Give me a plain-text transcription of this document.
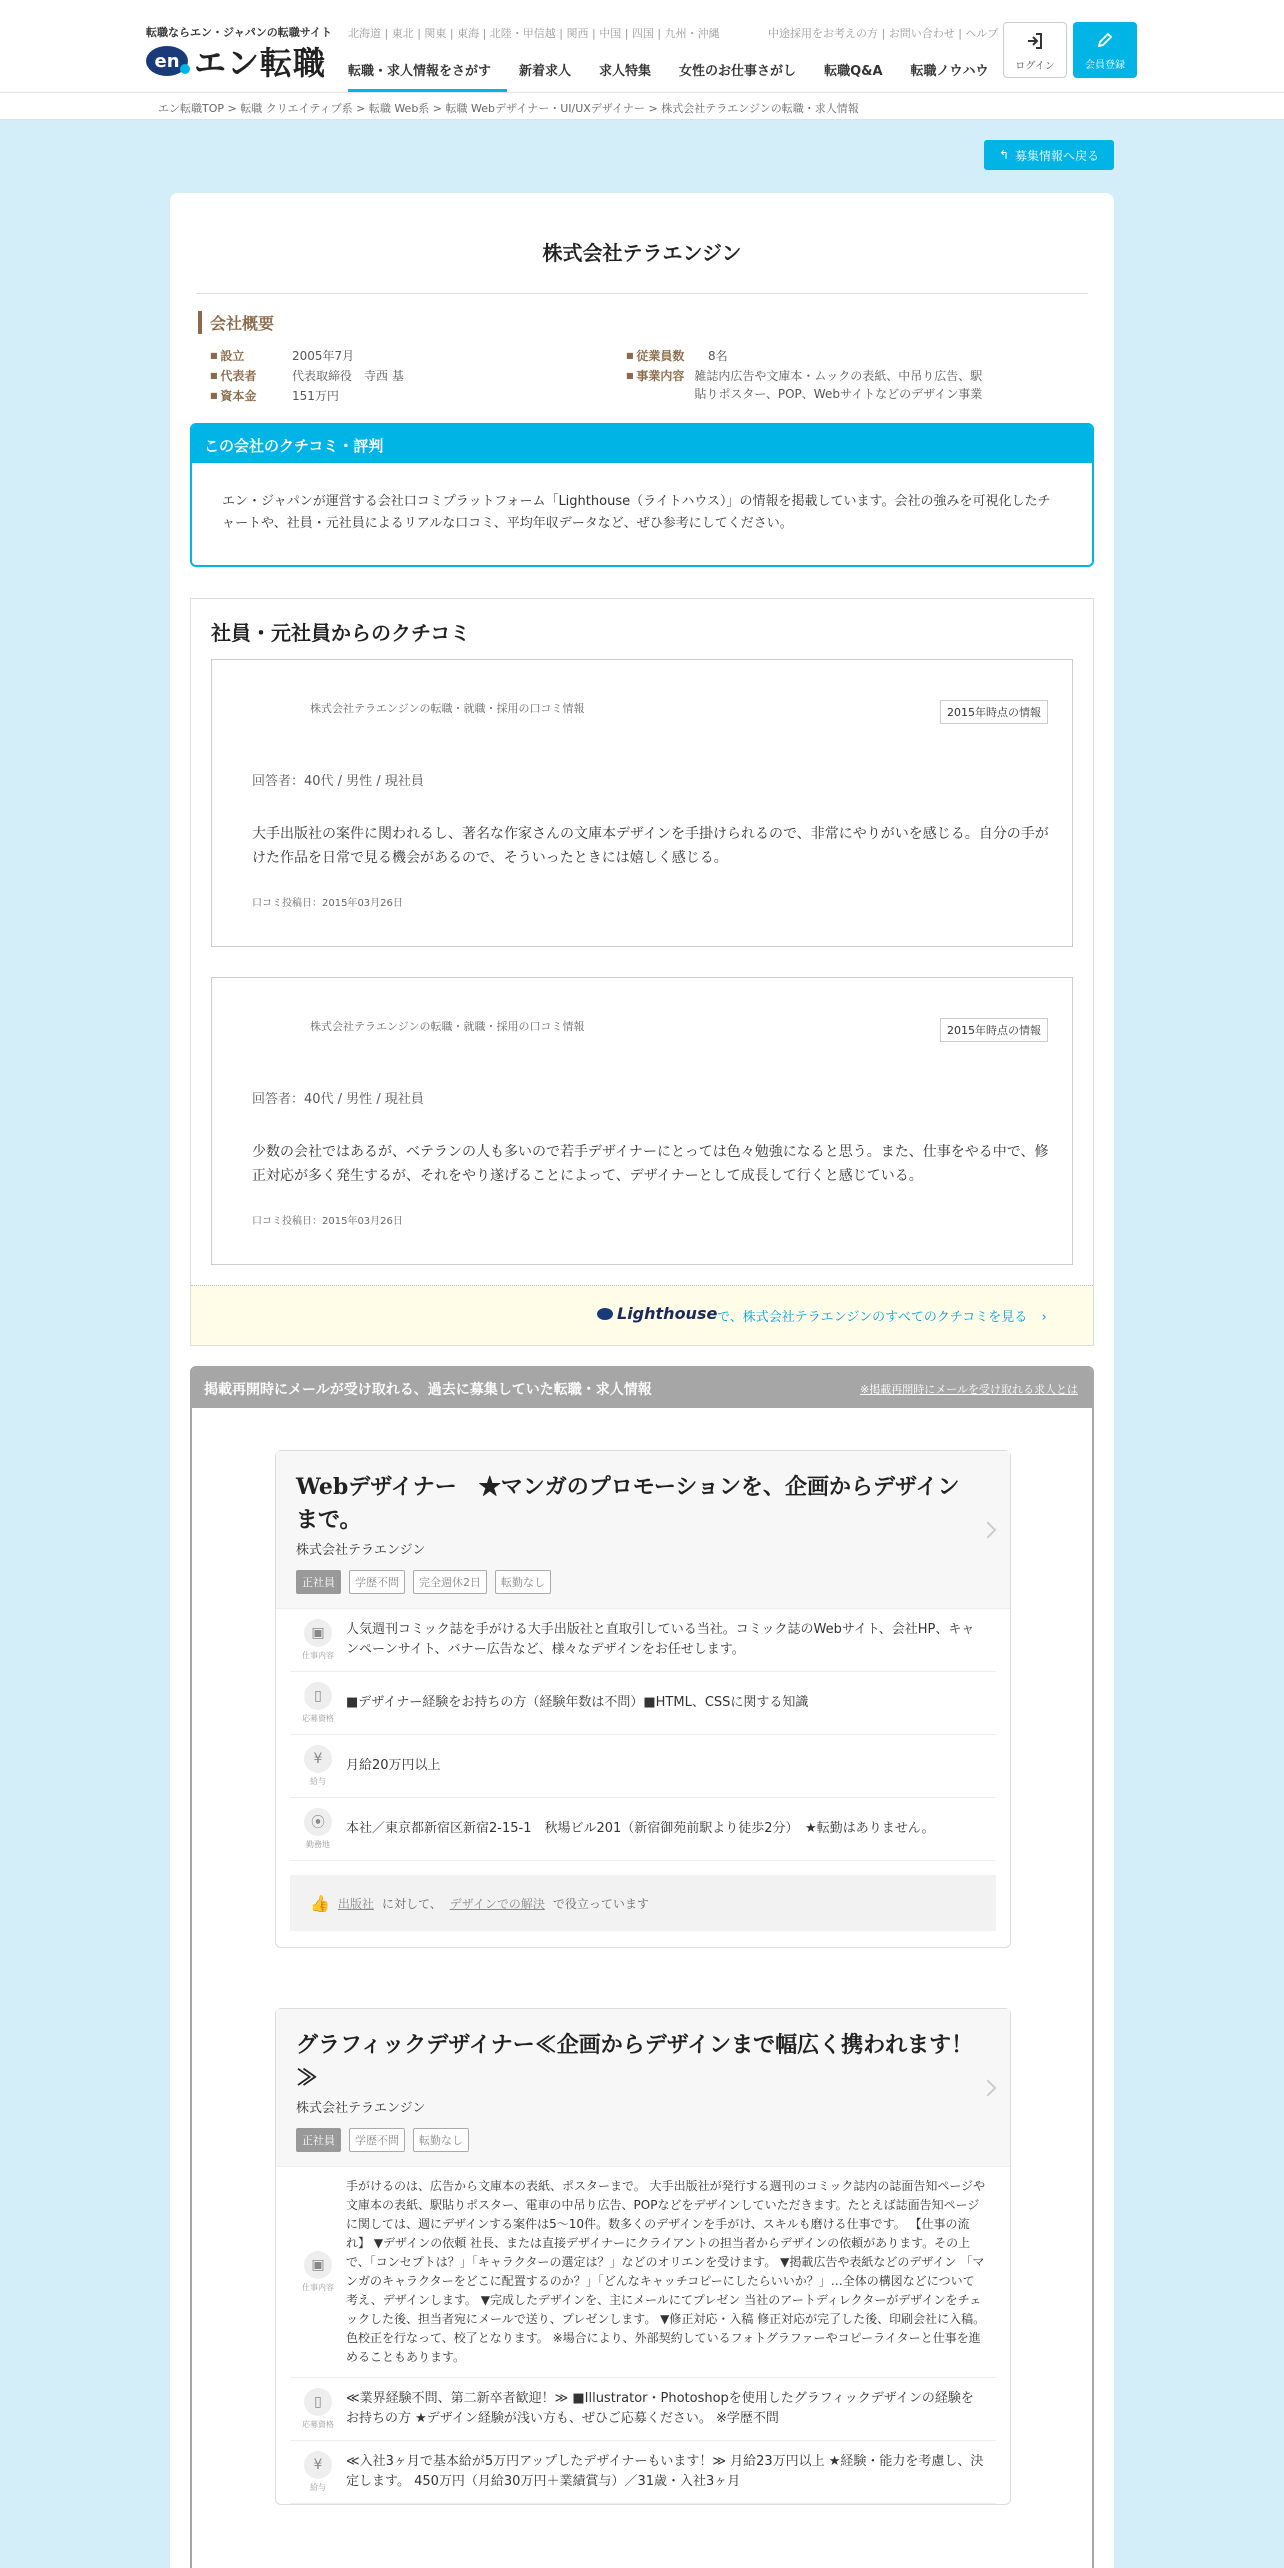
転職ならエン・ジャパンの転職サイト
en エン転職
北海道 | 東北 | 関東 | 東海 | 北陸・甲信越 | 関西 | 中国 | 四国 | 九州・沖縄	中途採用をお考えの方 | お問い合わせ | ヘルプ
転職・求人情報をさがす	新着求人	求人特集	女性のお仕事さがし	転職Q&A	転職ノウハウ	ログイン	会員登録
エン転職TOP > 転職 クリエイティブ系 > 転職 Web系 > 転職 Webデザイナー・UI/UXデザイナー > 株式会社テラエンジンの転職・求人情報
↰ 募集情報へ戻る
株式会社テラエンジン
会社概要
■ 設立	2005年7月
■ 代表者	代表取締役　寺西 基
■ 資本金	151万円
■ 従業員数	8名
■ 事業内容 雑誌内広告や文庫本・ムックの表紙、中吊り広告、駅貼りポスター、POP、Webサイトなどのデザイン事業
この会社のクチコミ・評判
エン・ジャパンが運営する会社口コミプラットフォーム「Lighthouse（ライトハウス）」の情報を掲載しています。会社の強みを可視化したチャートや、社員・元社員によるリアルな口コミ、平均年収データなど、ぜひ参考にしてください。
社員・元社員からのクチコミ
株式会社テラエンジンの転職・就職・採用の口コミ情報	2015年時点の情報
回答者：40代 / 男性 / 現社員
大手出版社の案件に関われるし、著名な作家さんの文庫本デザインを手掛けられるので、非常にやりがいを感じる。自分の手がけた作品を日常で見る機会があるので、そういったときには嬉しく感じる。
口コミ投稿日：2015年03月26日
株式会社テラエンジンの転職・就職・採用の口コミ情報	2015年時点の情報
回答者：40代 / 男性 / 現社員
少数の会社ではあるが、ベテランの人も多いので若手デザイナーにとっては色々勉強になると思う。また、仕事をやる中で、修正対応が多く発生するが、それをやり遂げることによって、デザイナーとして成長して行くと感じている。
口コミ投稿日：2015年03月26日
Lighthouse で、株式会社テラエンジンのすべてのクチコミを見る ›
掲載再開時にメールが受け取れる、過去に募集していた転職・求人情報	※掲載再開時にメールを受け取れる求人とは
Webデザイナー　★マンガのプロモーションを、企画からデザインまで。
株式会社テラエンジン
正社員	学歴不問	完全週休2日	転勤なし
▣
仕事内容
人気週刊コミック誌を手がける大手出版社と直取引している当社。コミック誌のWebサイト、会社HP、キャンペーンサイト、バナー広告など、様々なデザインをお任せします。
▯
応募資格
■デザイナー経験をお持ちの方（経験年数は不問）■HTML、CSSに関する知識
¥
給与
月給20万円以上
⦿
勤務地
本社／東京都新宿区新宿2-15-1　秋場ビル201（新宿御苑前駅より徒歩2分）　★転勤はありません。
👍 出版社 に対して、 デザインでの解決 で役立っています
グラフィックデザイナー≪企画からデザインまで幅広く携われます！≫
株式会社テラエンジン
正社員	学歴不問	転勤なし
▣
仕事内容
手がけるのは、広告から文庫本の表紙、ポスターまで。 大手出版社が発行する週刊のコミック誌内の誌面告知ページや文庫本の表紙、駅貼りポスター、電車の中吊り広告、POPなどをデザインしていただきます。たとえば誌面告知ページに関しては、週にデザインする案件は5～10件。数多くのデザインを手がけ、スキルも磨ける仕事です。 【仕事の流れ】 ▼デザインの依頼 社長、または直接デザイナーにクライアントの担当者からデザインの依頼があります。その上で、「コンセプトは？」「キャラクターの選定は？」などのオリエンを受けます。 ▼掲載広告や表紙などのデザイン 「マンガのキャラクターをどこに配置するのか？」「どんなキャッチコピーにしたらいいか？」…全体の構図などについて考え、デザインします。 ▼完成したデザインを、主にメールにてプレゼン 当社のアートディレクターがデザインをチェックした後、担当者宛にメールで送り、プレゼンします。 ▼修正対応・入稿 修正対応が完了した後、印刷会社に入稿。色校正を行なって、校了となります。 ※場合により、外部契約しているフォトグラファーやコピーライターと仕事を進めることもあります。
▯
応募資格
≪業界経験不問、第二新卒者歓迎！≫ ■Illustrator・Photoshopを使用したグラフィックデザインの経験をお持ちの方 ★デザイン経験が浅い方も、ぜひご応募ください。 ※学歴不問
¥
給与
≪入社3ヶ月で基本給が5万円アップしたデザイナーもいます！≫ 月給23万円以上 ★経験・能力を考慮し、決定します。 450万円（月給30万円＋業績賞与）／31歳・入社3ヶ月
